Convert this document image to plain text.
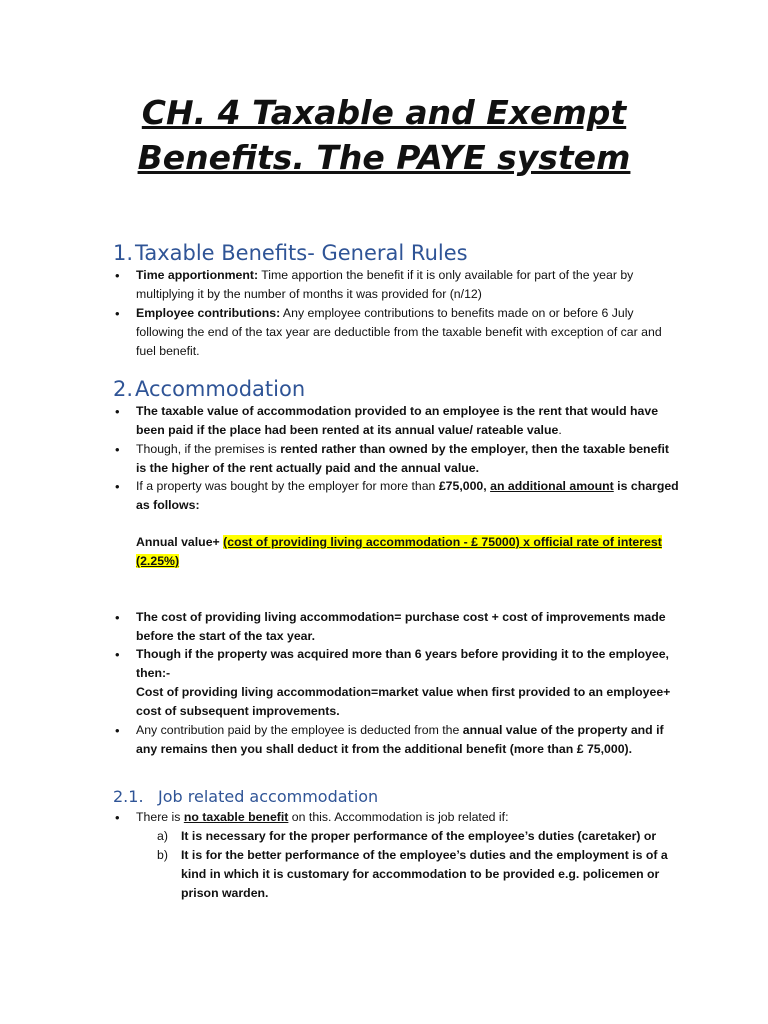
CH. 4 Taxable and Exempt
Benefits. The PAYE system
1.Taxable Benefits- General Rules
• Time apportionment: Time apportion the benefit if it is only available for part of the year by multiplying it by the number of months it was provided for (n/12)
• Employee contributions: Any employee contributions to benefits made on or before 6 July following the end of the tax year are deductible from the taxable benefit with exception of car and fuel benefit.
2.Accommodation
• The taxable value of accommodation provided to an employee is the rent that would have been paid if the place had been rented at its annual value/ rateable value.
• Though, if the premises is rented rather than owned by the employer, then the taxable benefit is the higher of the rent actually paid and the annual value.
• If a property was bought by the employer for more than £75,000, an additional amount is charged as follows:
Annual value+ (cost of providing living accommodation - £ 75000) x official rate of interest (2.25%)
• The cost of providing living accommodation= purchase cost + cost of improvements made before the start of the tax year.
• Though if the property was acquired more than 6 years before providing it to the employee, then:-
Cost of providing living accommodation=market value when first provided to an employee+ cost of subsequent improvements.
• Any contribution paid by the employee is deducted from the annual value of the property and if any remains then you shall deduct it from the additional benefit (more than £ 75,000).
2.1. Job related accommodation
• There is no taxable benefit on this. Accommodation is job related if:
a) It is necessary for the proper performance of the employee’s duties (caretaker) or
b) It is for the better performance of the employee’s duties and the employment is of a kind in which it is customary for accommodation to be provided e.g. policemen or prison warden.
